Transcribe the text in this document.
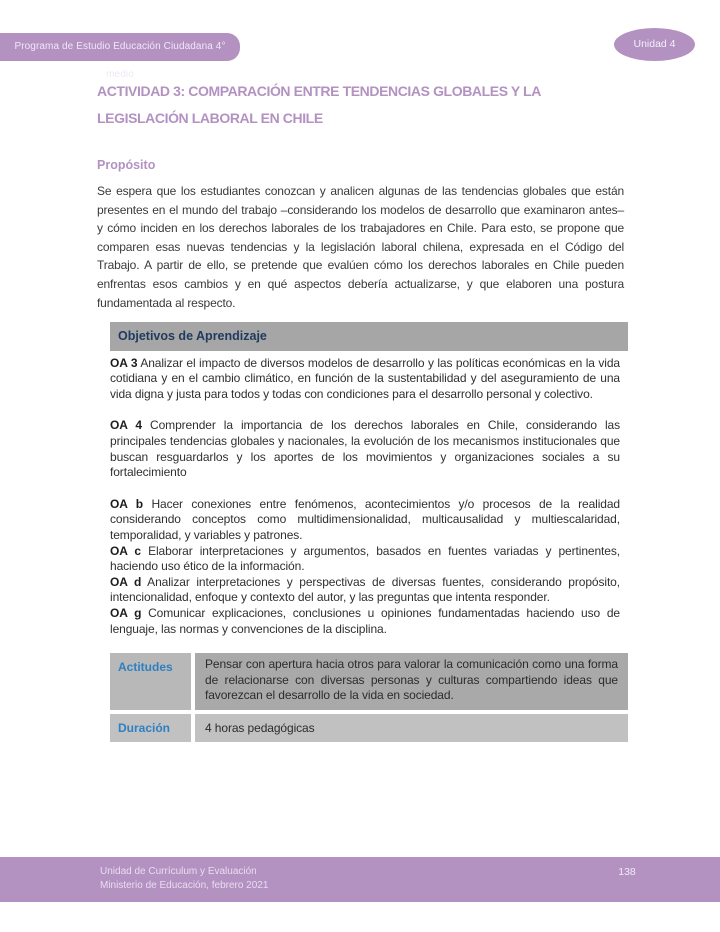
Programa de Estudio Educación Ciudadana 4° medio
Unidad 4
ACTIVIDAD 3: COMPARACIÓN ENTRE TENDENCIAS GLOBALES Y LA LEGISLACIÓN LABORAL EN CHILE
Propósito
Se espera que los estudiantes conozcan y analicen algunas de las tendencias globales que están presentes en el mundo del trabajo –considerando los modelos de desarrollo que examinaron antes– y cómo inciden en los derechos laborales de los trabajadores en Chile. Para esto, se propone que comparen esas nuevas tendencias y la legislación laboral chilena, expresada en el Código del Trabajo. A partir de ello, se pretende que evalúen cómo los derechos laborales en Chile pueden enfrentas esos cambios y en qué aspectos debería actualizarse, y que elaboren una postura fundamentada al respecto.
Objetivos de Aprendizaje

OA 3 Analizar el impacto de diversos modelos de desarrollo y las políticas económicas en la vida cotidiana y en el cambio climático, en función de la sustentabilidad y del aseguramiento de una vida digna y justa para todos y todas con condiciones para el desarrollo personal y colectivo.

OA 4 Comprender la importancia de los derechos laborales en Chile, considerando las principales tendencias globales y nacionales, la evolución de los mecanismos institucionales que buscan resguardarlos y los aportes de los movimientos y organizaciones sociales a su fortalecimiento

OA b Hacer conexiones entre fenómenos, acontecimientos y/o procesos de la realidad considerando conceptos como multidimensionalidad, multicausalidad y multiescalaridad, temporalidad, y variables y patrones.

OA c Elaborar interpretaciones y argumentos, basados en fuentes variadas y pertinentes, haciendo uso ético de la información.

OA d Analizar interpretaciones y perspectivas de diversas fuentes, considerando propósito, intencionalidad, enfoque y contexto del autor, y las preguntas que intenta responder.

OA g Comunicar explicaciones, conclusiones u opiniones fundamentadas haciendo uso de lenguaje, las normas y convenciones de la disciplina.

Actitudes	Pensar con apertura hacia otros para valorar la comunicación como una forma de relacionarse con diversas personas y culturas compartiendo ideas que favorezcan el desarrollo de la vida en sociedad.
Duración	4 horas pedagógicas
Unidad de Currículum y Evaluación
Ministerio de Educación, febrero 2021
138
